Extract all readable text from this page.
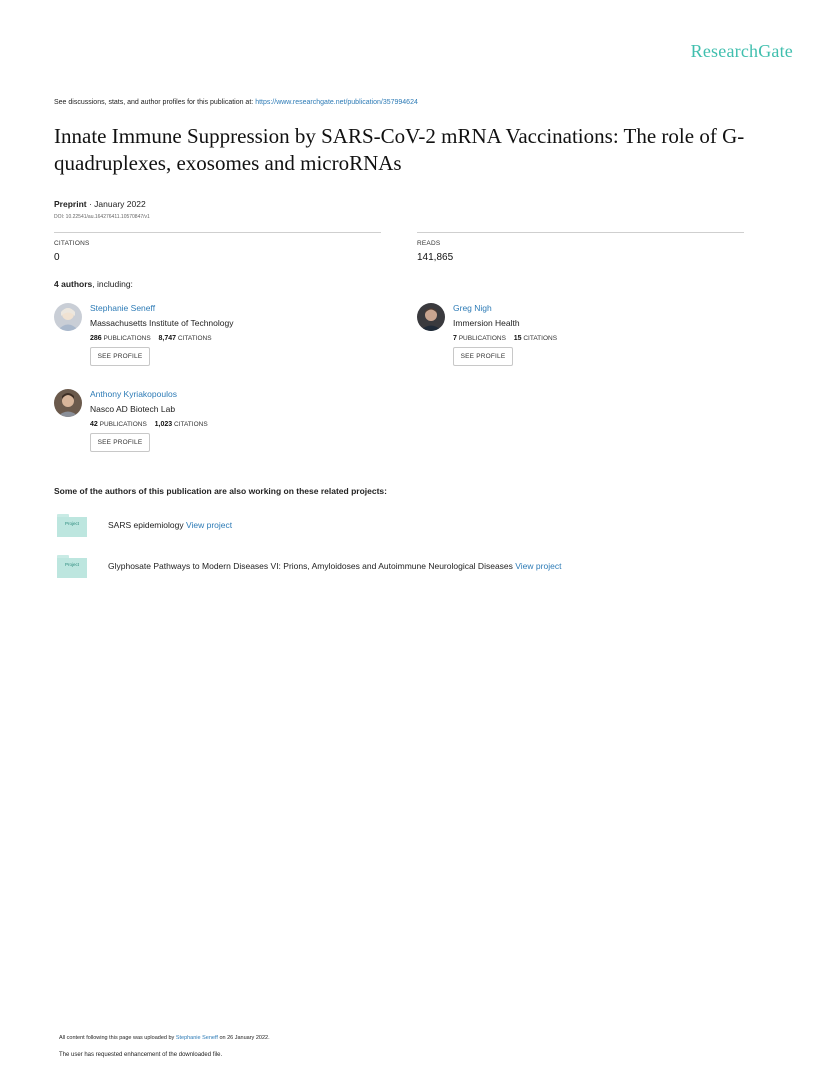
ResearchGate
See discussions, stats, and author profiles for this publication at: https://www.researchgate.net/publication/357994624
Innate Immune Suppression by SARS-CoV-2 mRNA Vaccinations: The role of G-quadruplexes, exosomes and microRNAs
Preprint · January 2022
DOI: 10.22541/au.164276411.10570847/v1
CITATIONS
0
READS
141,865
4 authors, including:
Stephanie Seneff
Massachusetts Institute of Technology
286 PUBLICATIONS 8,747 CITATIONS
SEE PROFILE
Greg Nigh
Immersion Health
7 PUBLICATIONS 15 CITATIONS
SEE PROFILE
Anthony Kyriakopoulos
Nasco AD Biotech Lab
42 PUBLICATIONS 1,023 CITATIONS
SEE PROFILE
Some of the authors of this publication are also working on these related projects:
Project	SARS epidemiology View project
Project	Glyphosate Pathways to Modern Diseases VI: Prions, Amyloidoses and Autoimmune Neurological Diseases View project
All content following this page was uploaded by Stephanie Seneff on 26 January 2022.
The user has requested enhancement of the downloaded file.
